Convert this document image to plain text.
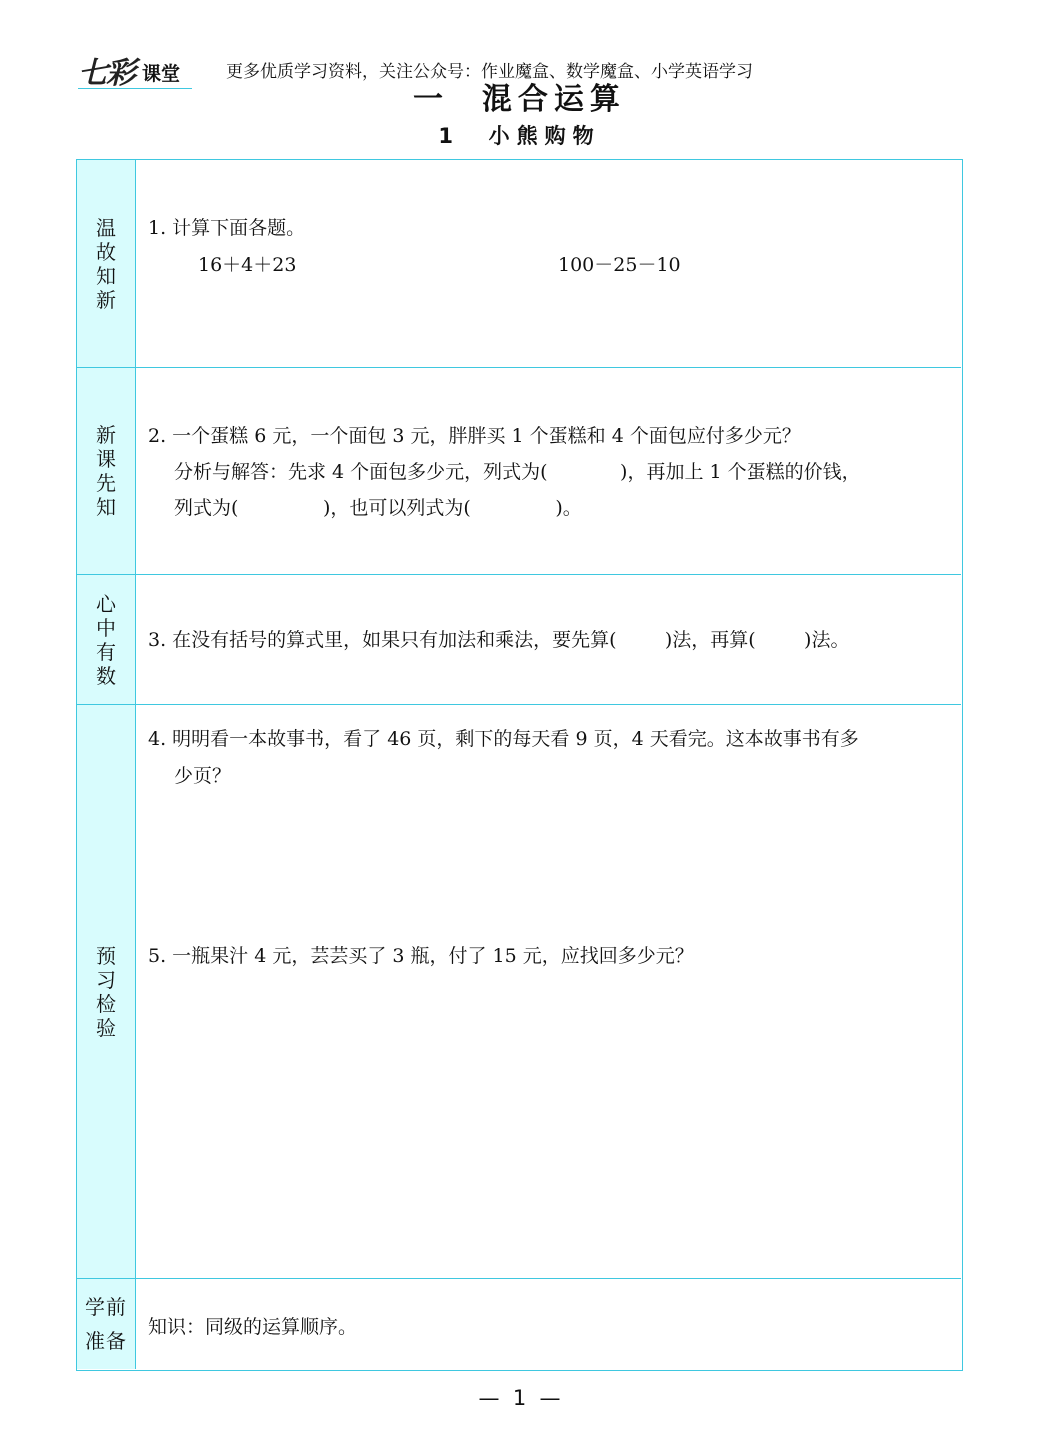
七彩 课堂	更多优质学习资料，关注公众号：作业魔盒、数学魔盒、小学英语学习
一  混合运算
1  小熊购物
温故知新
1. 计算下面各题。
16＋4＋23	100－25－10
新课先知
2. 一个蛋糕 6 元，一个面包 3 元，胖胖买 1 个蛋糕和 4 个面包应付多少元？
分析与解答：先求 4 个面包多少元，列式为(            )，再加上 1 个蛋糕的价钱，
列式为(              )，也可以列式为(              )。
心中有数
3. 在没有括号的算式里，如果只有加法和乘法，要先算(        )法，再算(        )法。
预习检验
4. 明明看一本故事书，看了 46 页，剩下的每天看 9 页，4 天看完。这本故事书有多
少页？
5. 一瓶果汁 4 元，芸芸买了 3 瓶，付了 15 元，应找回多少元？
学前准备
知识：同级的运算顺序。
—  1  —
